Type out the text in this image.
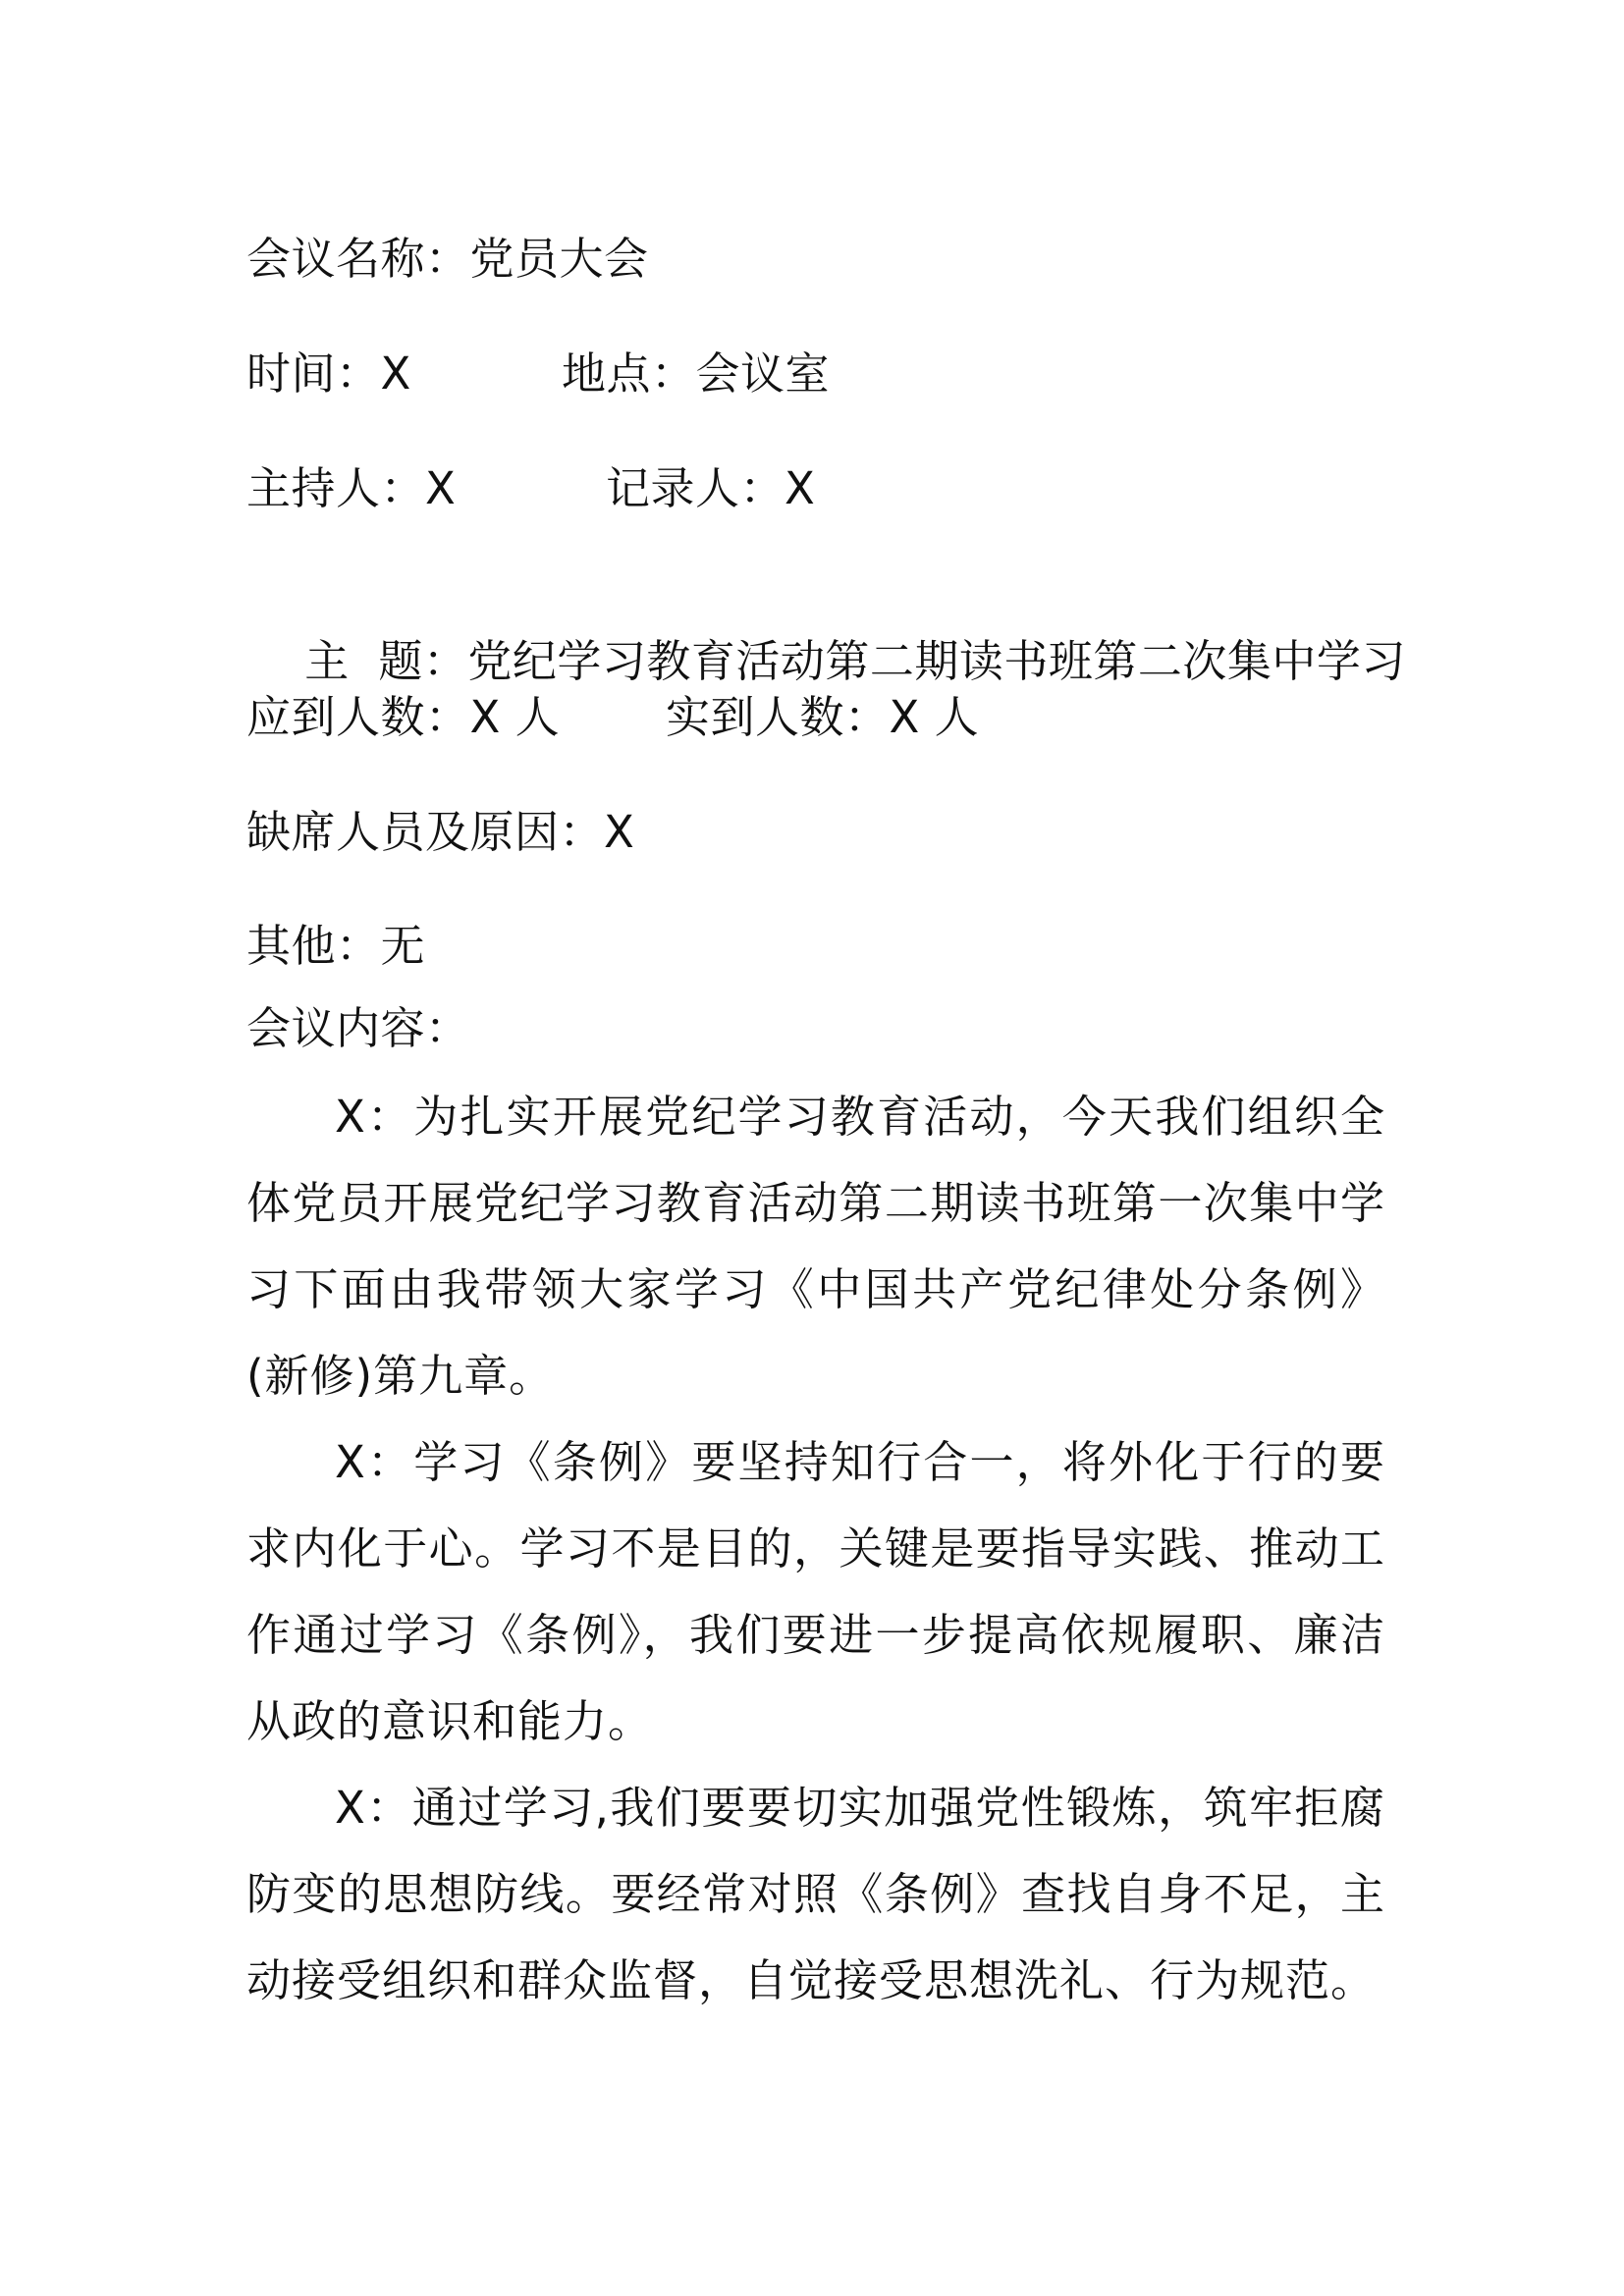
会议名称：党员大会
时间：X	地点：会议室
主持人：X	记录人：X

主  题：党纪学习教育活动第二期读书班第二次集中学习

应到人数：X 人 实到人数：X 人
缺席人员及原因：X
其他：无
会议内容：

X：为扎实开展党纪学习教育活动，今天我们组织全体党员开展党纪学习教育活动第二期读书班第一次集中学习下面由我带领大家学习《中国共产党纪律处分条例》(新修)第九章。

X：学习《条例》要坚持知行合一，将外化于行的要求内化于心。学习不是目的，关键是要指导实践、推动工作通过学习《条例》，我们要进一步提高依规履职、廉洁从政的意识和能力。

X：通过学习,我们要要切实加强党性锻炼，筑牢拒腐防变的思想防线。要经常对照《条例》查找自身不足，主动接受组织和群众监督，自觉接受思想洗礼、行为规范。
